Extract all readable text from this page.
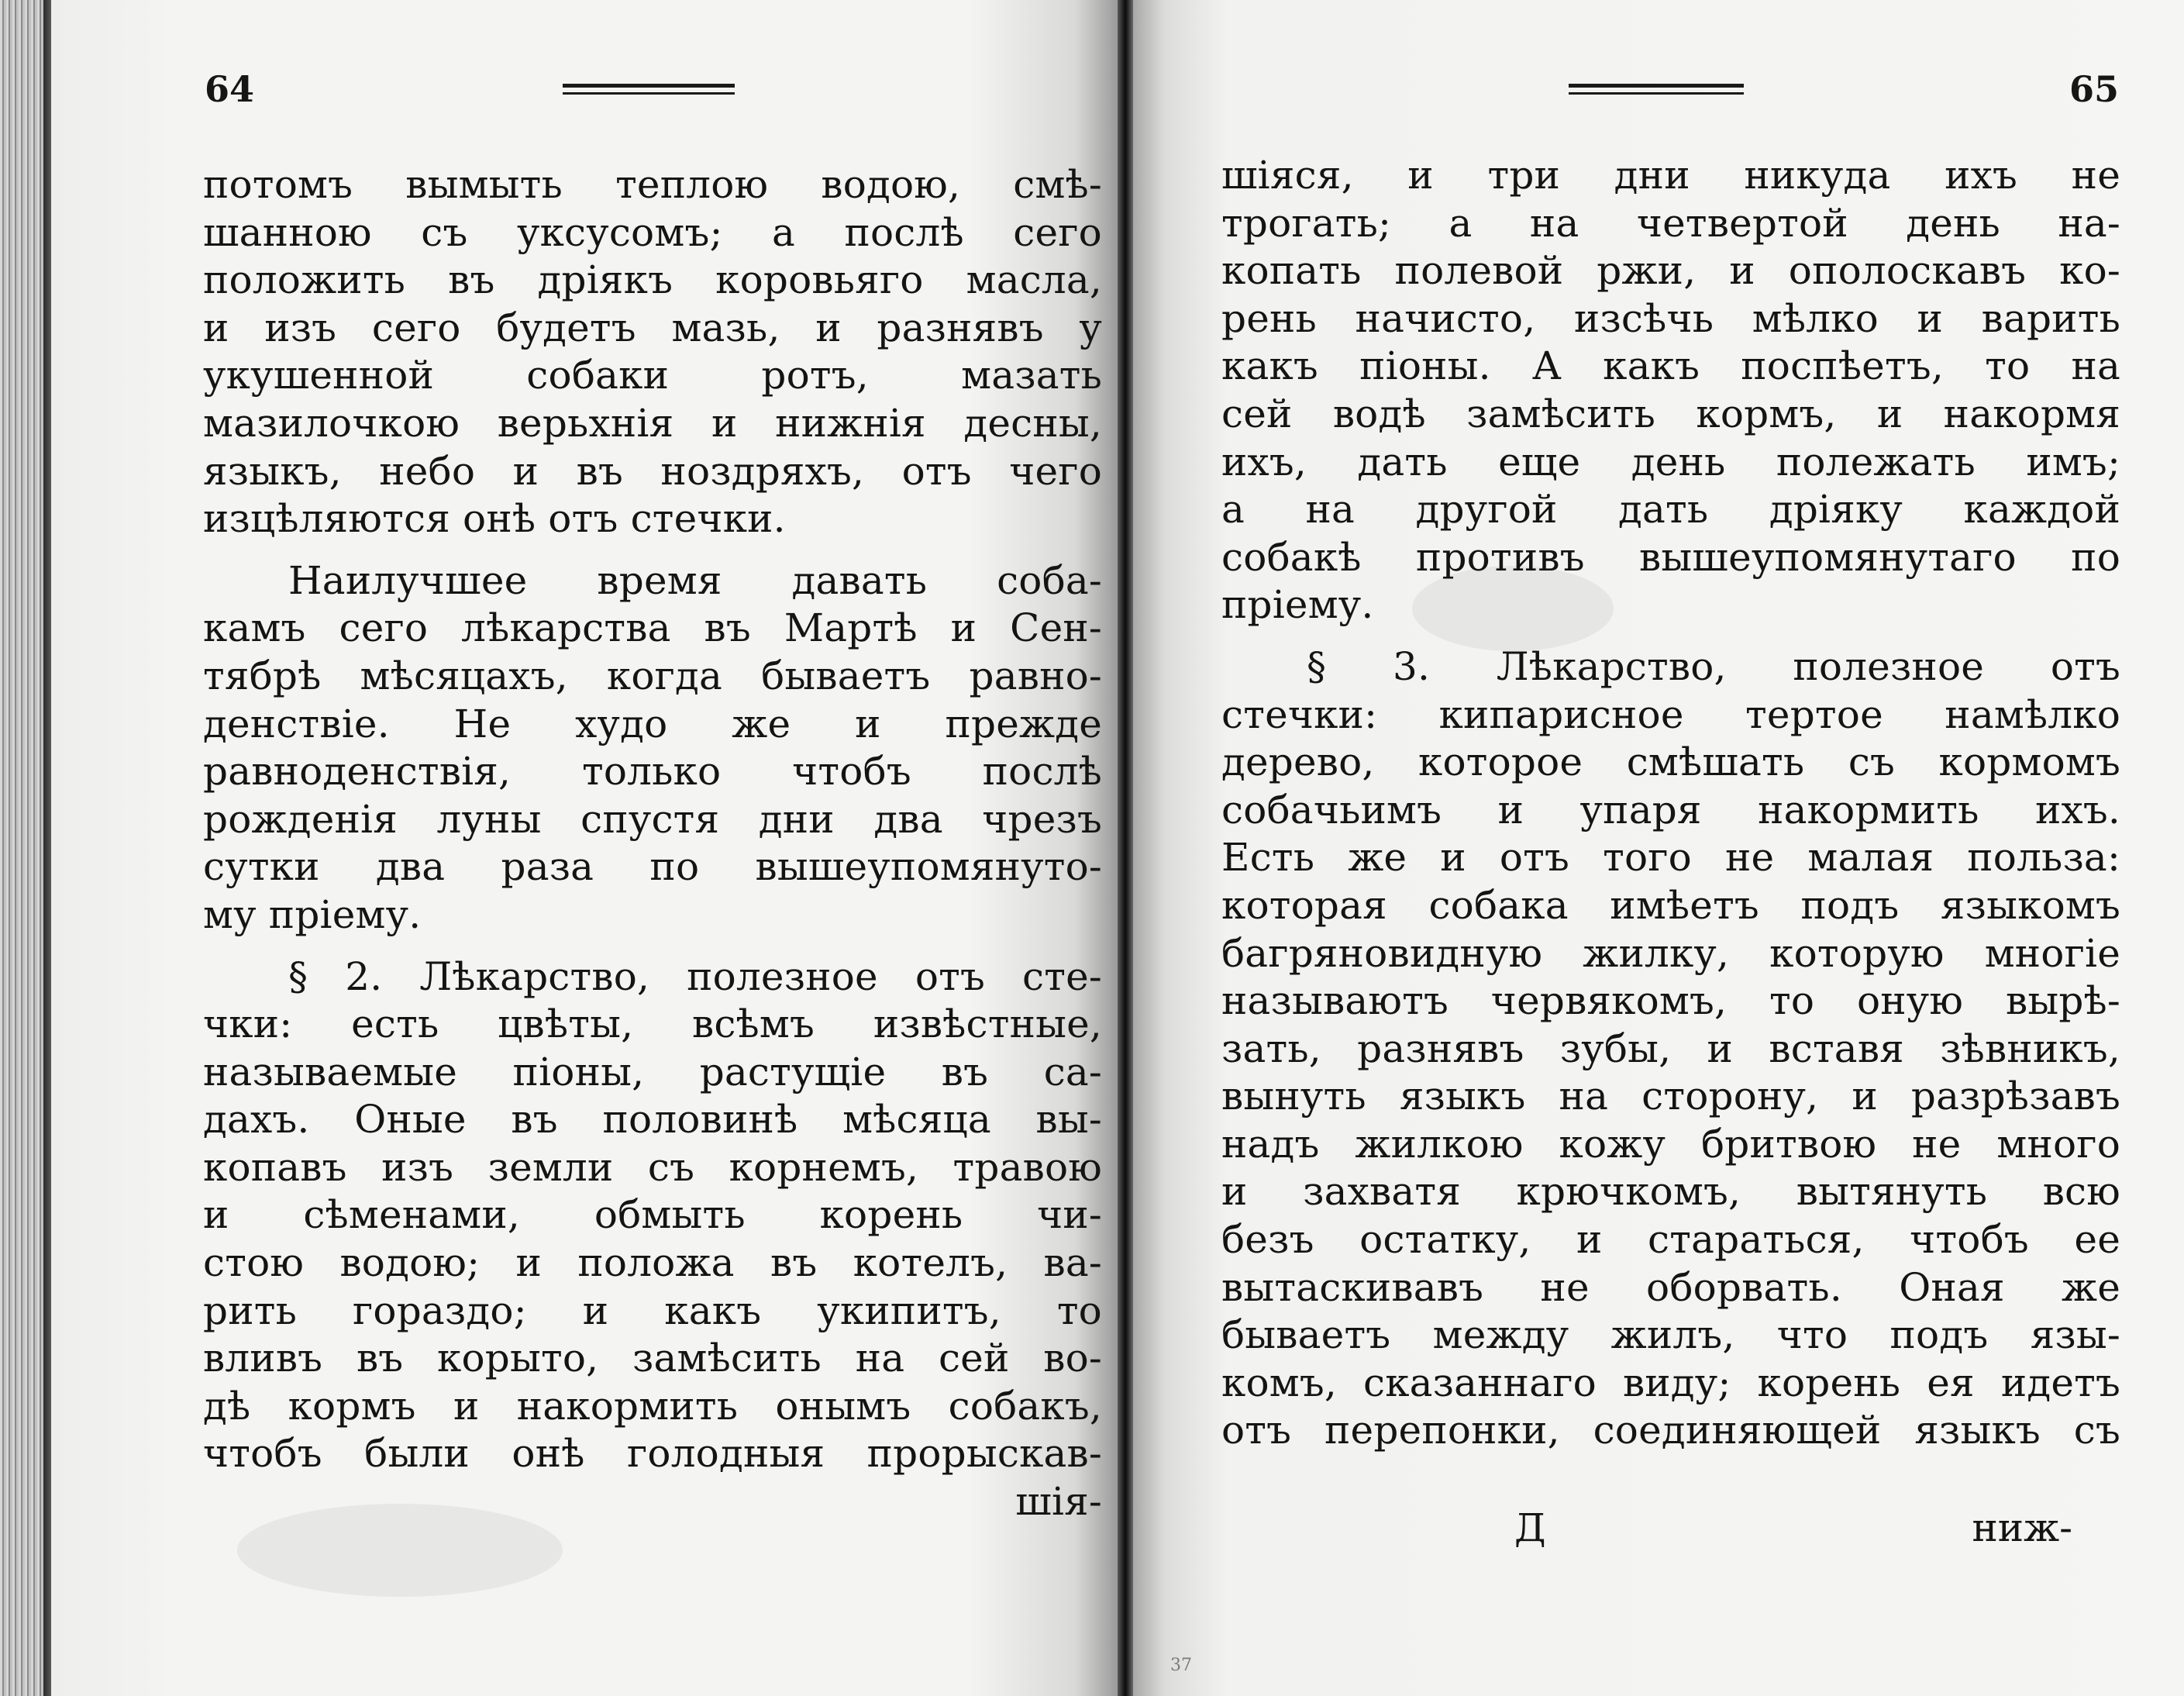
64
потомъ вымыть теплою водою, смѣ-
шанною съ уксусомъ; а послѣ сего
положить въ дріякъ коровьяго масла,
и изъ сего будетъ мазь, и разнявъ у
укушенной собаки ротъ, мазать
мазилочкою верьхнія и нижнія десны,
языкъ, небо и въ ноздряхъ, отъ чего
изцѣляются онѣ отъ стечки.
Наилучшее время давать соба-
камъ сего лѣкарства въ Мартѣ и Сен-
тябрѣ мѣсяцахъ, когда бываетъ равно-
денствіе. Не худо же и прежде
равноденствія, только чтобъ послѣ
рожденія луны спустя дни два чрезъ
сутки два раза по вышеупомянуто-
му пріему.
§ 2. Лѣкарство, полезное отъ сте-
чки: есть цвѣты, всѣмъ извѣстные,
называемые піоны, растущіе въ са-
дахъ. Оные въ половинѣ мѣсяца вы-
копавъ изъ земли съ корнемъ, травою
и сѣменами, обмыть корень чи-
стою водою; и положа въ котелъ, ва-
рить гораздо; и какъ укипитъ, то
вливъ въ корыто, замѣсить на сей во-
дѣ кормъ и накормить онымъ собакъ,
чтобъ были онѣ голодныя прорыскав-
шія-
65
шіяся, и три дни никуда ихъ не
трогать; а на четвертой день на-
копать полевой ржи, и ополоскавъ ко-
рень начисто, изсѣчь мѣлко и варить
какъ піоны. А какъ поспѣетъ, то на
сей водѣ замѣсить кормъ, и накормя
ихъ, дать еще день полежать имъ;
а на другой дать дріяку каждой
собакѣ противъ вышеупомянутаго по
пріему.
§ 3. Лѣкарство, полезное отъ
стечки: кипарисное тертое намѣлко
дерево, которое смѣшать съ кормомъ
собачьимъ и упаря накормить ихъ.
Есть же и отъ того не малая польза:
которая собака имѣетъ подъ языкомъ
багряновидную жилку, которую многіе
называютъ червякомъ, то оную вырѣ-
зать, разнявъ зубы, и вставя зѣвникъ,
вынуть языкъ на сторону, и разрѣзавъ
надъ жилкою кожу бритвою не много
и захватя крючкомъ, вытянуть всю
безъ остатку, и стараться, чтобъ ее
вытаскивавъ не оборвать. Оная же
бываетъ между жилъ, что подъ язы-
комъ, сказаннаго виду; корень ея идетъ
отъ перепонки, соединяющей языкъ съ
Д	ниж-
37
